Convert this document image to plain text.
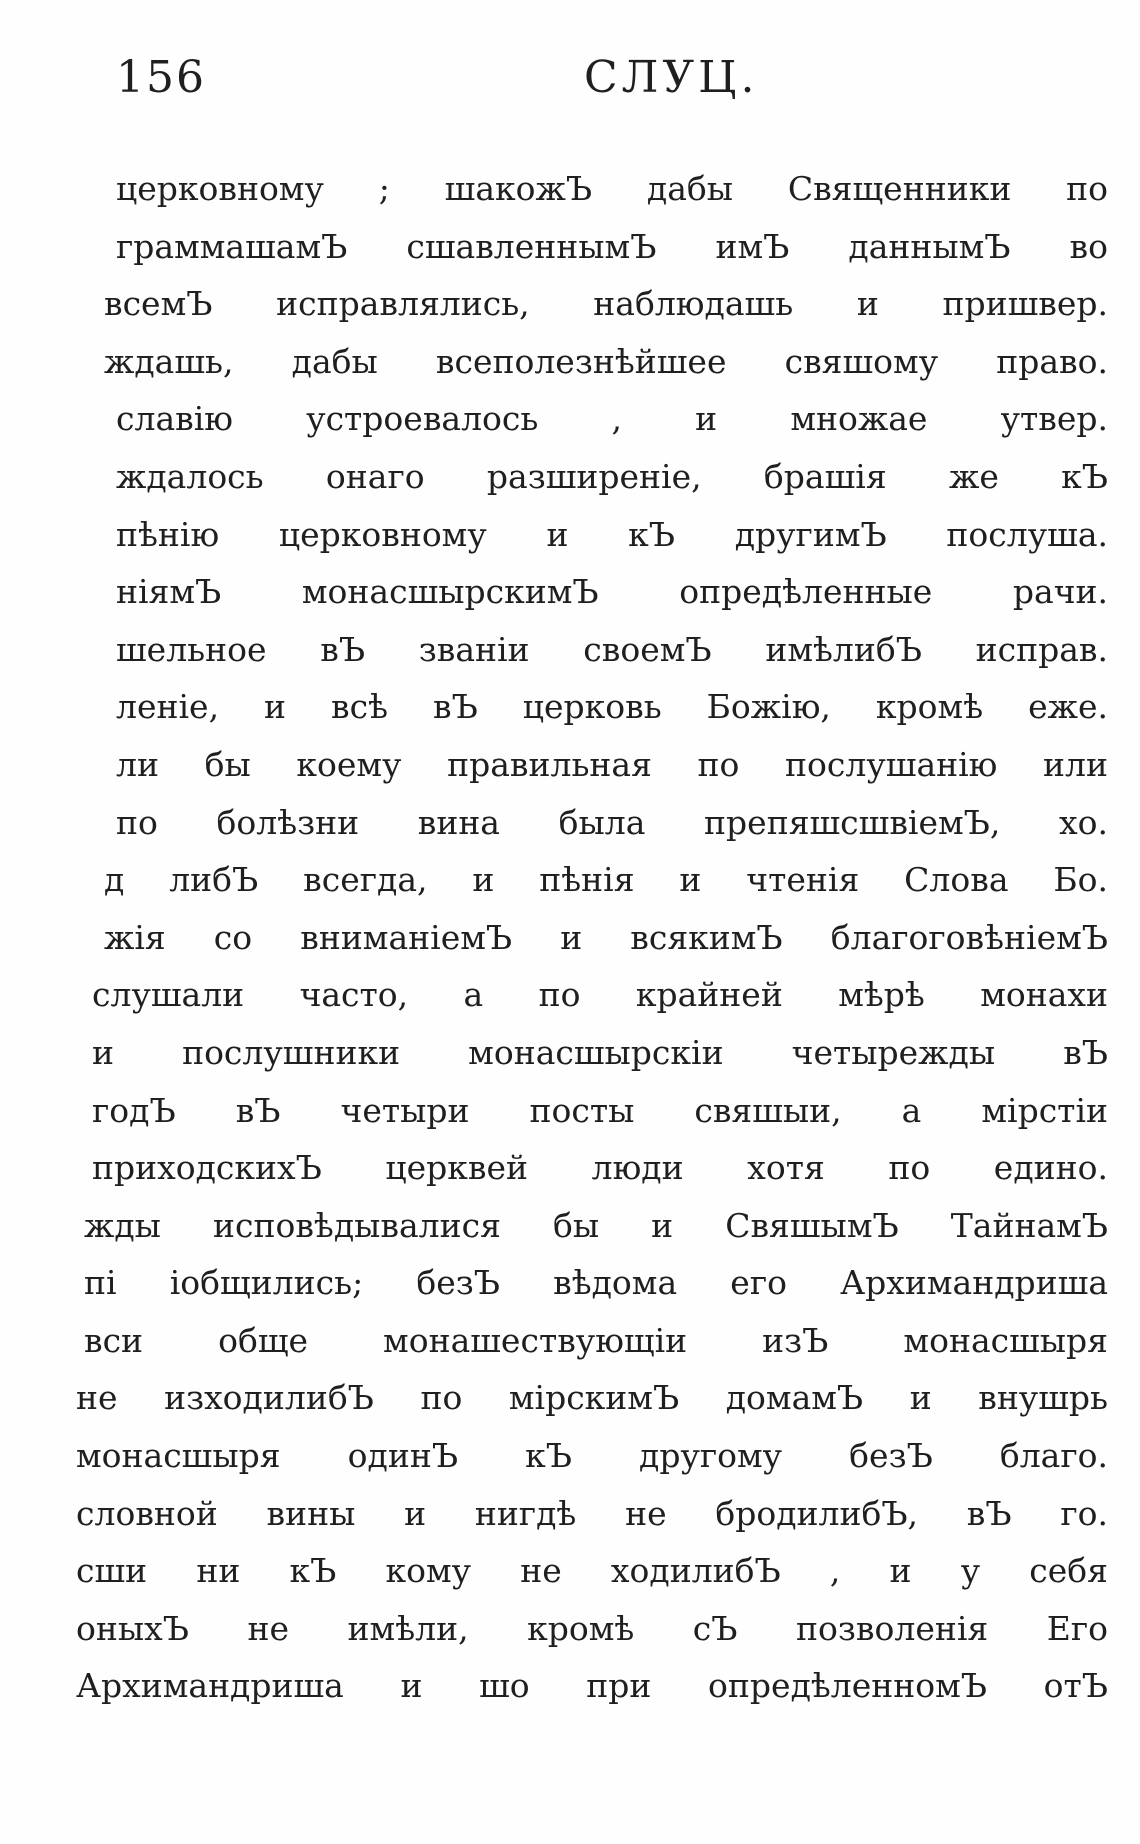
156	СЛУЦ.
церковному ; шакожЪ дабы Священники по
граммашамЪ сшавленнымЪ имЪ даннымЪ во
всемЪ исправлялись, наблюдашь и пришвер.
ждашь, дабы всеполезнѣйшее свяшому право.
славію устроевалось , и множае утвер.
ждалось онаго разширеніе, брашія же кЪ
пѣнію церковному и кЪ другимЪ послуша.
ніямЪ монасшырскимЪ опредѣленные рачи.
шельное вЪ званіи своемЪ имѣлибЪ исправ.
леніе, и всѣ вЪ церковь Божію, кромѣ еже.
ли бы коему правильная по послушанію или
по болѣзни вина была препяшсшвіемЪ, хо.
д либЪ всегда, и пѣнія и чтенія Слова Бо.
жія со вниманіемЪ и всякимЪ благоговѣніемЪ
слушали часто, а по крайней мѣрѣ монахи
и послушники монасшырскіи четырежды вЪ
годЪ вЪ четыри посты свяшыи, а мірстіи
приходскихЪ церквей люди хотя по едино.
жды исповѣдывалися бы и СвяшымЪ ТайнамЪ
пі іобщились; безЪ вѣдома его Архимандриша
вси обще монашествующіи изЪ монасшыря
не изходилибЪ по мірскимЪ домамЪ и внушрь
монасшыря одинЪ кЪ другому безЪ благо.
словной вины и нигдѣ не бродилибЪ, вЪ го.
сши ни кЪ кому не ходилибЪ , и у себя
оныхЪ не имѣли, кромѣ сЪ позволенія Его
Архимандриша и шо при опредѣленномЪ отЪ
